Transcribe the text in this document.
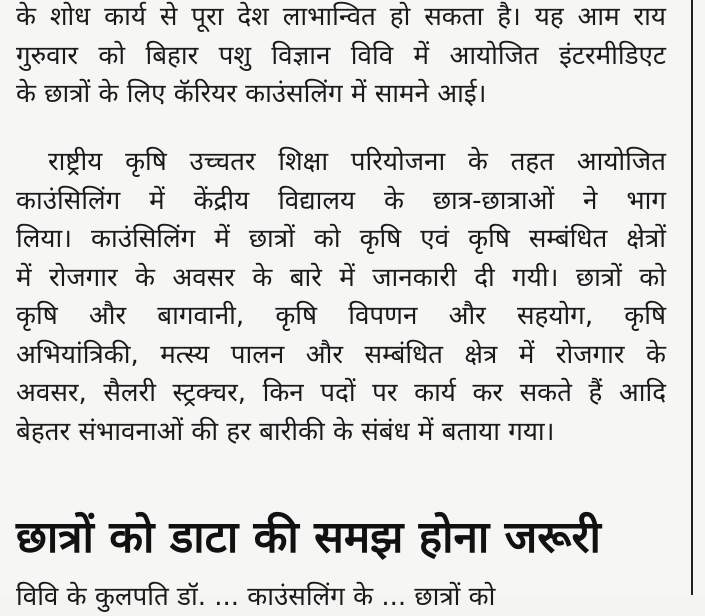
के शोध कार्य से पूरा देश लाभान्वित हो सकता है। यह आम राय
गुरुवार को बिहार पशु विज्ञान विवि में आयोजित इंटरमीडिएट
के छात्रों के लिए कॅरियर काउंसलिंग में सामने आई।
राष्ट्रीय कृषि उच्चतर शिक्षा परियोजना के तहत आयोजित
काउंसिलिंग में केंद्रीय विद्यालय के छात्र-छात्राओं ने भाग
लिया। काउंसिलिंग में छात्रों को कृषि एवं कृषि सम्बंधित क्षेत्रों
में रोजगार के अवसर के बारे में जानकारी दी गयी। छात्रों को
कृषि और बागवानी, कृषि विपणन और सहयोग, कृषि
अभियांत्रिकी, मत्स्य पालन और सम्बंधित क्षेत्र में रोजगार के
अवसर, सैलरी स्ट्रक्चर, किन पदों पर कार्य कर सकते हैं आदि
बेहतर संभावनाओं की हर बारीकी के संबंध में बताया गया।
छात्रों को डाटा की समझ होना जरूरी
विवि के कुलपति डॉ. ... काउंसलिंग के ... छात्रों को
